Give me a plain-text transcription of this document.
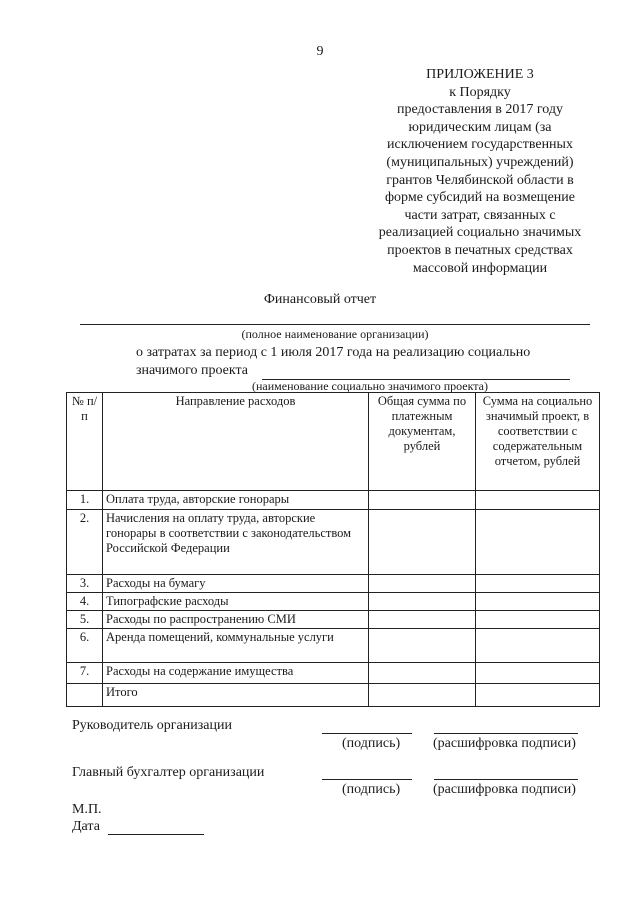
9
ПРИЛОЖЕНИЕ 3
к Порядку
предоставления в 2017 году
юридическим лицам (за
исключением государственных
(муниципальных) учреждений)
грантов Челябинской области в
форме субсидий на возмещение
части затрат, связанных с
реализацией социально значимых
проектов в печатных средствах
массовой информации
Финансовый отчет
(полное наименование организации)
о затратах за период с 1 июля 2017 года на реализацию социально
значимого проекта
(наименование социально значимого проекта)
№ п/п	Направление расходов	Общая сумма по платежным документам, рублей	Сумма на социально значимый проект, в соответствии с содержательным отчетом, рублей
1.	Оплата труда, авторские гонорары		
2.	Начисления на оплату труда, авторские гонорары в соответствии с законодательством Российской Федерации		
3.	Расходы на бумагу		
4.	Типографские расходы		
5.	Расходы по распространению СМИ		
6.	Аренда помещений, коммунальные услуги		
7.	Расходы на содержание имущества		
	Итого		
Руководитель организации
(подпись) (расшифровка подписи)
Главный бухгалтер организации
(подпись) (расшифровка подписи)
М.П.
Дата
